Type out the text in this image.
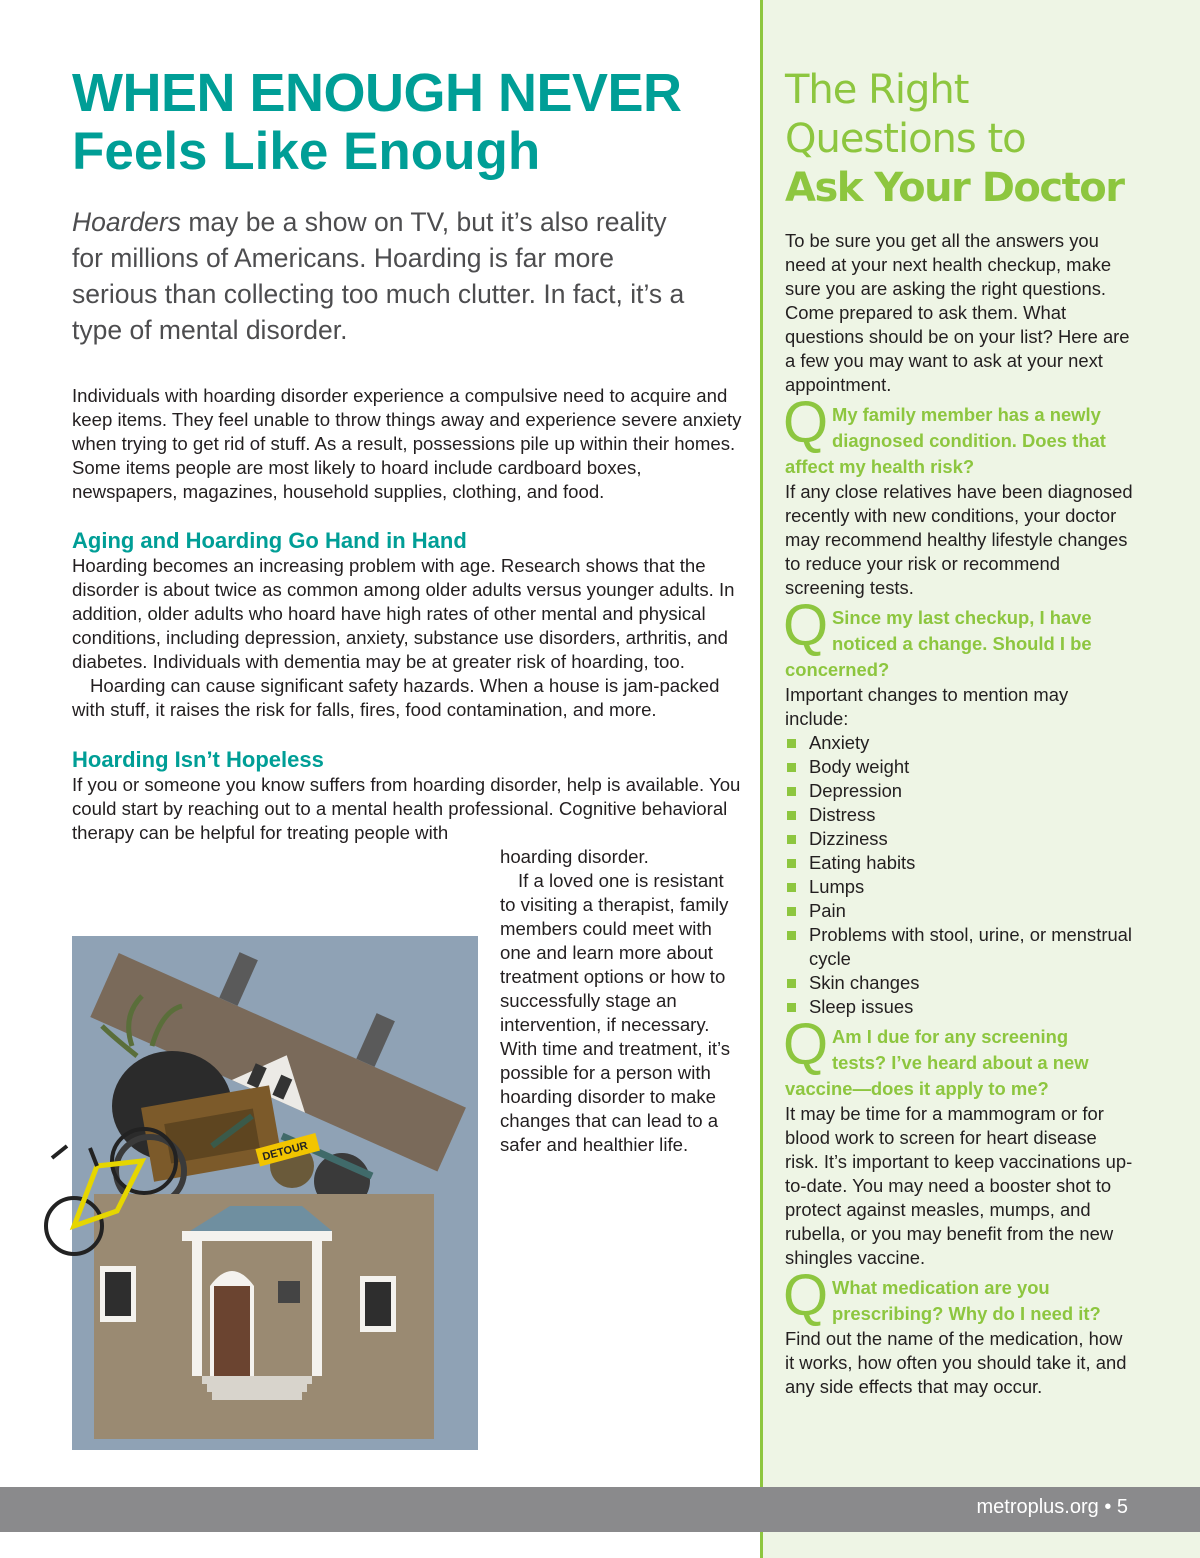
WHEN ENOUGH NEVER
Feels Like Enough

Hoarders may be a show on TV, but it’s also reality for millions of Americans. Hoarding is far more serious than collecting too much clutter. In fact, it’s a type of mental disorder.

Individuals with hoarding disorder experience a compulsive need to acquire and keep items. They feel unable to throw things away and experience severe anxiety when trying to get rid of stuff. As a result, possessions pile up within their homes. Some items people are most likely to hoard include cardboard boxes, newspapers, magazines, household supplies, clothing, and food.

Aging and Hoarding Go Hand in Hand

Hoarding becomes an increasing problem with age. Research shows that the disorder is about twice as common among older adults versus younger adults. In addition, older adults who hoard have high rates of other mental and physical conditions, including depression, anxiety, substance use disorders, arthritis, and diabetes. Individuals with dementia may be at greater risk of hoarding, too.

Hoarding can cause significant safety hazards. When a house is jam-packed with stuff, it raises the risk for falls, fires, food contamination, and more.

Hoarding Isn’t Hopeless

If you or someone you know suffers from hoarding disorder, help is available. You could start by reaching out to a mental health professional. Cognitive behavioral therapy can be helpful for treating people with

hoarding disorder.

If a loved one is resistant to visiting a therapist, family members could meet with one and learn more about treatment options or how to successfully stage an intervention, if necessary. With time and treatment, it’s possible for a person with hoarding disorder to make changes that can lead to a safer and healthier life.

DETOUR
The Right
Questions to
Ask Your Doctor

To be sure you get all the answers you need at your next health checkup, make sure you are asking the right questions. Come prepared to ask them. What questions should be on your list? Here are a few you may want to ask at your next appointment.

Q My family member has a newly
diagnosed condition. Does that
affect my health risk?

If any close relatives have been diagnosed recently with new conditions, your doctor may recommend healthy lifestyle changes to reduce your risk or recommend screening tests.

Q Since my last checkup, I have
noticed a change. Should I be
concerned?

Important changes to mention may include:

Anxiety
Body weight
Depression
Distress
Dizziness
Eating habits
Lumps
Pain
Problems with stool, urine, or menstrual cycle
Skin changes
Sleep issues
Q Am I due for any screening
tests? I’ve heard about a new
vaccine—does it apply to me?

It may be time for a mammogram or for blood work to screen for heart disease risk. It’s important to keep vaccinations up-to-date. You may need a booster shot to protect against measles, mumps, and rubella, or you may benefit from the new shingles vaccine.

Q What medication are you
prescribing? Why do I need it?

Find out the name of the medication, how it works, how often you should take it, and any side effects that may occur.

metroplus.org • 5
